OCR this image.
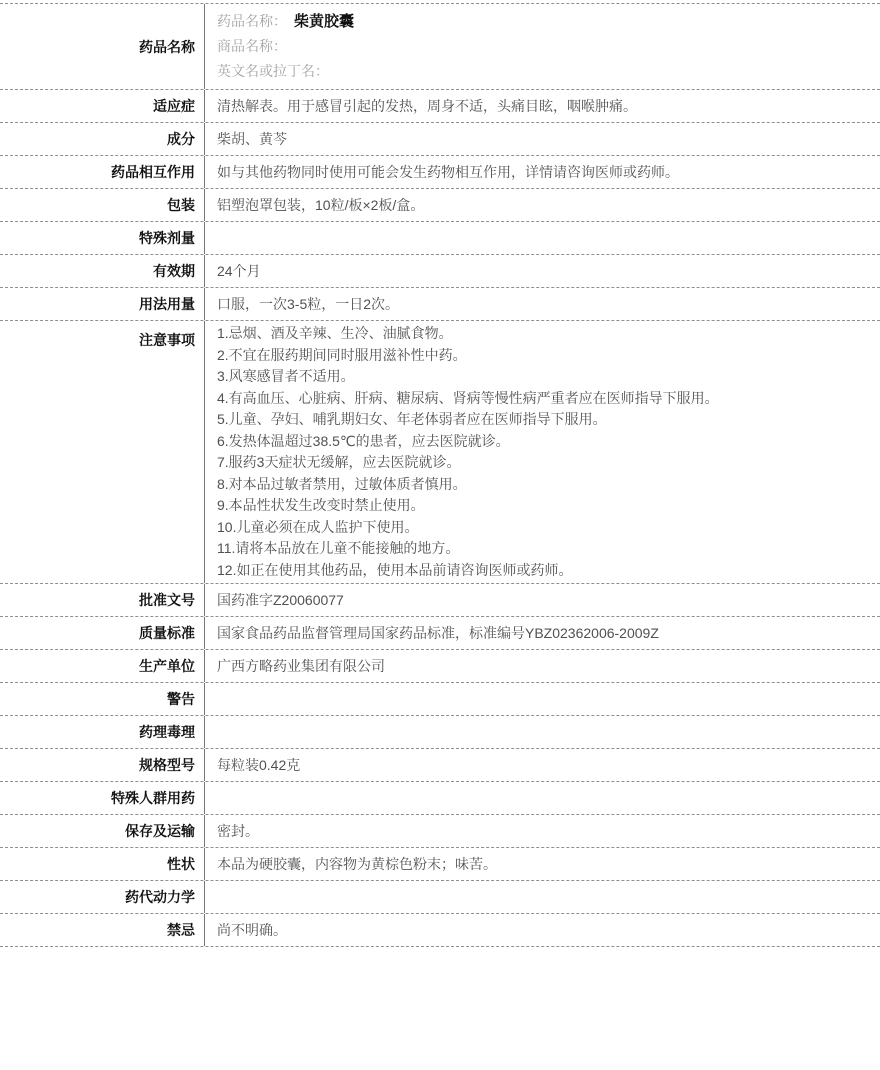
药品名称
药品名称： 柴黄胶囊
商品名称：
英文名或拉丁名：
适应症	清热解表。用于感冒引起的发热，周身不适，头痛目眩，咽喉肿痛。
成分	柴胡、黄芩
药品相互作用	如与其他药物同时使用可能会发生药物相互作用，详情请咨询医师或药师。
包装	铝塑泡罩包装，10粒/板×2板/盒。
特殊剂量
有效期	24个月
用法用量	口服，一次3-5粒，一日2次。
注意事项	1.忌烟、酒及辛辣、生冷、油腻食物。
2.不宜在服药期间同时服用滋补性中药。
3.风寒感冒者不适用。
4.有高血压、心脏病、肝病、糖尿病、肾病等慢性病严重者应在医师指导下服用。
5.儿童、孕妇、哺乳期妇女、年老体弱者应在医师指导下服用。
6.发热体温超过38.5℃的患者，应去医院就诊。
7.服药3天症状无缓解，应去医院就诊。
8.对本品过敏者禁用，过敏体质者慎用。
9.本品性状发生改变时禁止使用。
10.儿童必须在成人监护下使用。
11.请将本品放在儿童不能接触的地方。
12.如正在使用其他药品，使用本品前请咨询医师或药师。
批准文号	国药准字Z20060077
质量标准	国家食品药品监督管理局国家药品标准，标准编号YBZ02362006-2009Z
生产单位	广西方略药业集团有限公司
警告
药理毒理
规格型号	每粒装0.42克
特殊人群用药
保存及运输	密封。
性状	本品为硬胶囊，内容物为黄棕色粉末；味苦。
药代动力学
禁忌	尚不明确。
